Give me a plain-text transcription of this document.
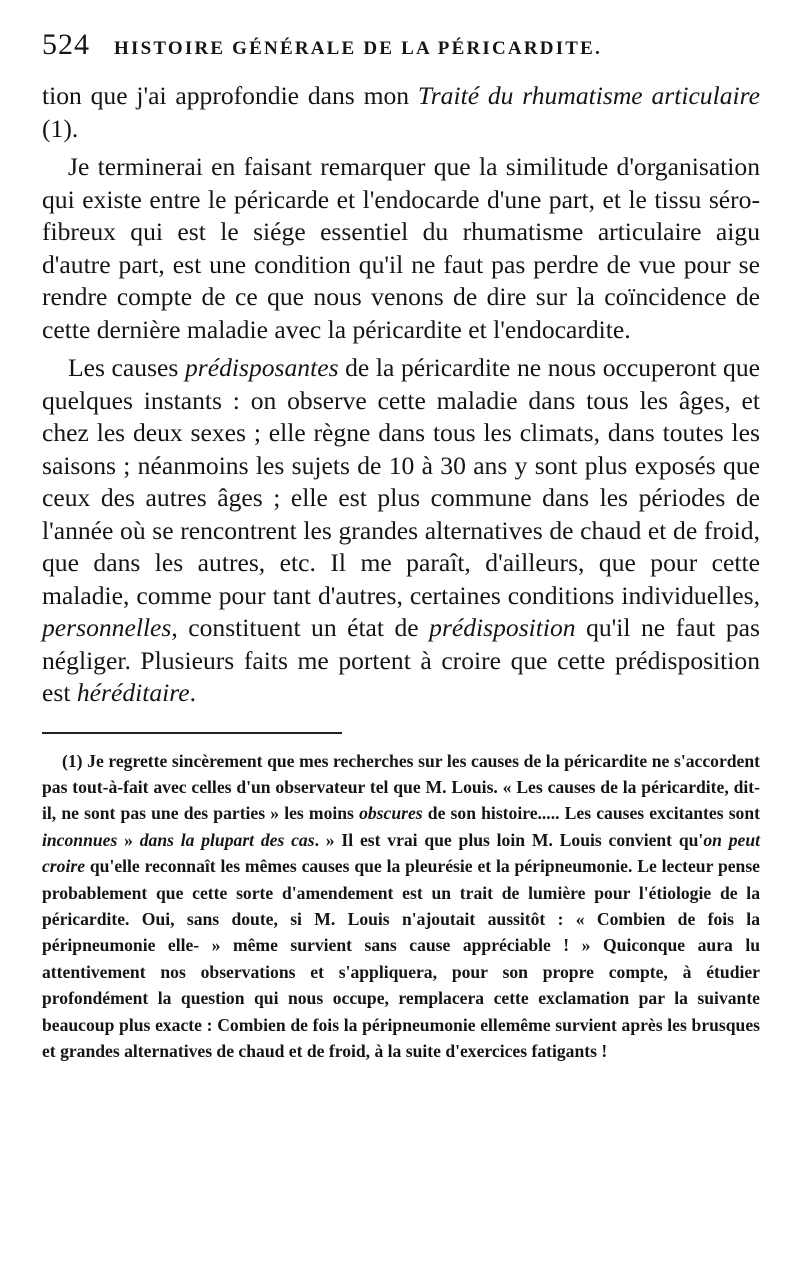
524 HISTOIRE GÉNÉRALE DE LA PÉRICARDITE.

tion que j'ai approfondie dans mon Traité du rhumatisme articulaire (1).

Je terminerai en faisant remarquer que la similitude d'organisation qui existe entre le péricarde et l'endocarde d'une part, et le tissu séro-fibreux qui est le siége essentiel du rhumatisme articulaire aigu d'autre part, est une condition qu'il ne faut pas perdre de vue pour se rendre compte de ce que nous venons de dire sur la coïncidence de cette dernière maladie avec la péricardite et l'endocardite.

Les causes prédisposantes de la péricardite ne nous occuperont que quelques instants : on observe cette maladie dans tous les âges, et chez les deux sexes ; elle règne dans tous les climats, dans toutes les saisons ; néanmoins les sujets de 10 à 30 ans y sont plus exposés que ceux des autres âges ; elle est plus commune dans les périodes de l'année où se rencontrent les grandes alternatives de chaud et de froid, que dans les autres, etc. Il me paraît, d'ailleurs, que pour cette maladie, comme pour tant d'autres, certaines conditions individuelles, personnelles, constituent un état de prédisposition qu'il ne faut pas négliger. Plusieurs faits me portent à croire que cette prédisposition est héréditaire.

(1) Je regrette sincèrement que mes recherches sur les causes de la péricardite ne s'accordent pas tout-à-fait avec celles d'un observateur tel que M. Louis. « Les causes de la péricardite, dit-il, ne sont pas une des parties » les moins obscures de son histoire..... Les causes excitantes sont inconnues » dans la plupart des cas. » Il est vrai que plus loin M. Louis convient qu'on peut croire qu'elle reconnaît les mêmes causes que la pleurésie et la péripneumonie. Le lecteur pense probablement que cette sorte d'amendement est un trait de lumière pour l'étiologie de la péricardite. Oui, sans doute, si M. Louis n'ajoutait aussitôt : « Combien de fois la péripneumonie elle- » même survient sans cause appréciable ! » Quiconque aura lu attentivement nos observations et s'appliquera, pour son propre compte, à étudier profondément la question qui nous occupe, remplacera cette exclamation par la suivante beaucoup plus exacte : Combien de fois la péripneumonie ellemême survient après les brusques et grandes alternatives de chaud et de froid, à la suite d'exercices fatigants !
